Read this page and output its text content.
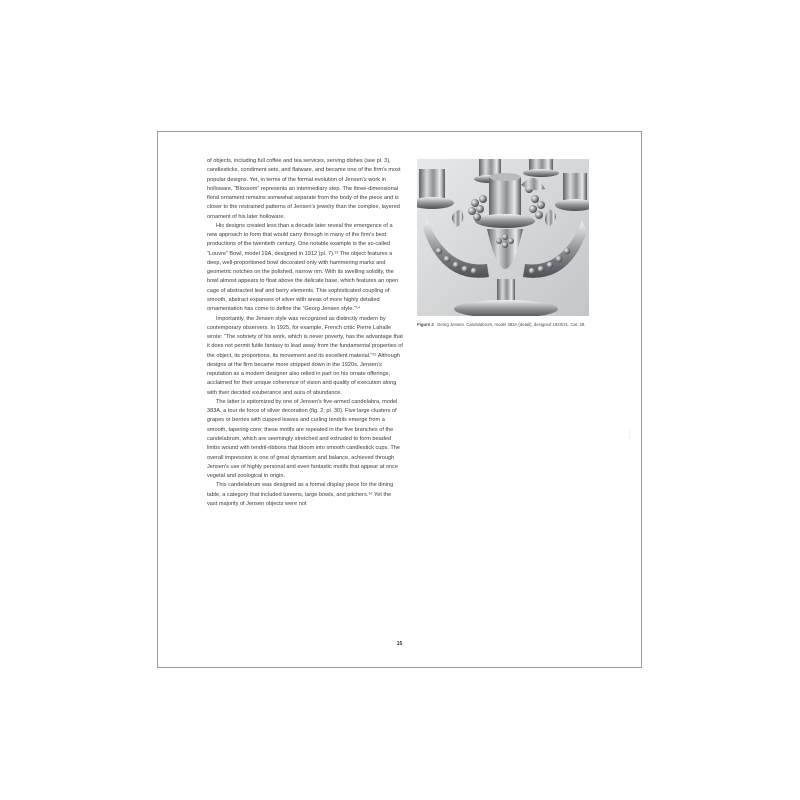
of objects, including full coffee and tea services, serving dishes (see pl. 3), candlesticks, condiment sets, and flatware, and became one of the firm's most popular designs. Yet, in terms of the formal evolution of Jensen's work in holloware, “Blossom” represents an intermediary step. The three-dimensional floral ornament remains somewhat separate from the body of the piece and is closer to the restrained patterns of Jensen's jewelry than the complex, layered ornament of his later holloware.

His designs created less than a decade later reveal the emergence of a new approach to form that would carry through in many of the firm's best productions of the twentieth century. One notable example is the so-called “Louvre” Bowl, model 19A, designed in 1912 (pl. 7).¹³ The object features a deep, well-proportioned bowl decorated only with hammering marks and geometric notches on the polished, narrow rim. With its swelling solidity, the bowl almost appears to float above the delicate base, which features an open cage of abstracted leaf and berry elements. This sophisticated coupling of smooth, abstract expanses of silver with areas of more highly detailed ornamentation has come to define the “Georg Jensen style.”¹⁴

Importantly, the Jensen style was recognized as distinctly modern by contemporary observers. In 1925, for example, French critic Pierre Lahalle wrote: “The sobriety of his work, which is never poverty, has the advantage that it does not permit futile fantasy to lead away from the fundamental properties of the object, its proportions, its movement and its excellent material.”¹⁵ Although designs at the firm became more stripped down in the 1920s, Jensen's reputation as a modern designer also relied in part on his ornate offerings, acclaimed for their unique coherence of vision and quality of execution along with their decided exuberance and aura of abundance.

The latter is epitomized by one of Jensen's five-armed candelabra, model 383A, a tour de force of silver decoration (fig. 2; pl. 30). Five large clusters of grapes or berries with cupped leaves and curling tendrils emerge from a smooth, tapering core; these motifs are repeated in the five branches of the candelabrum, which are seemingly stretched and extruded to form beaded limbs wound with tendril-ribbons that bloom into smooth candlestick cups. The overall impression is one of great dynamism and balance, achieved through Jensen's use of highly personal and even fantastic motifs that appear at once vegetal and zoological in origin.

This candelabrum was designed as a formal display piece for the dining table, a category that included tureens, large bowls, and pitchers.¹⁶ Yet the vast majority of Jensen objects were not

Figure 2 Georg Jensen. Candelabrum, model 383A (detail), designed 1920/21. Cat. 28.
— —
15
